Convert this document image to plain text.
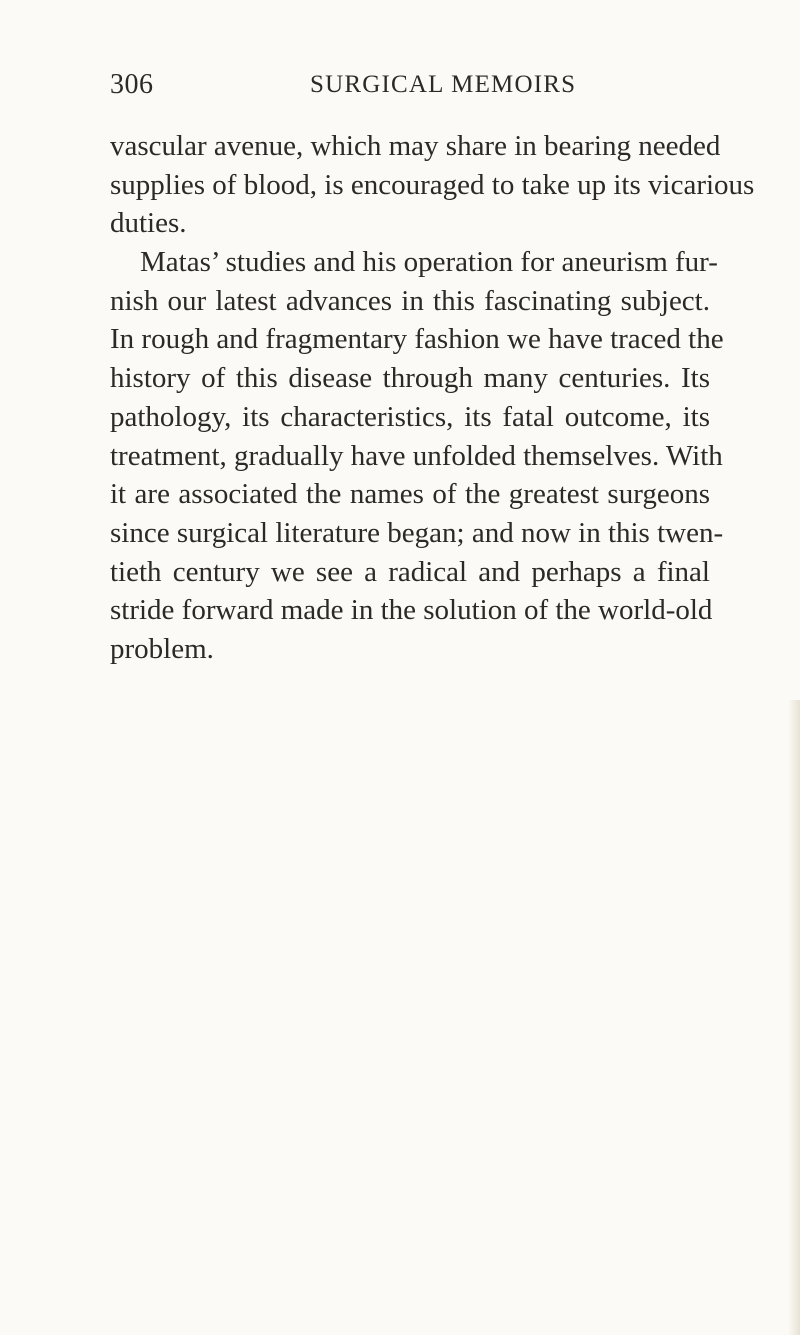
306	SURGICAL MEMOIRS
vascular avenue, which may share in bearing needed
supplies of blood, is encouraged to take up its vicarious
duties.
Matas’ studies and his operation for aneurism fur-
nish our latest advances in this fascinating subject.
In rough and fragmentary fashion we have traced the
history of this disease through many centuries. Its
pathology, its characteristics, its fatal outcome, its
treatment, gradually have unfolded themselves. With
it are associated the names of the greatest surgeons
since surgical literature began; and now in this twen-
tieth century we see a radical and perhaps a final
stride forward made in the solution of the world-old
problem.
